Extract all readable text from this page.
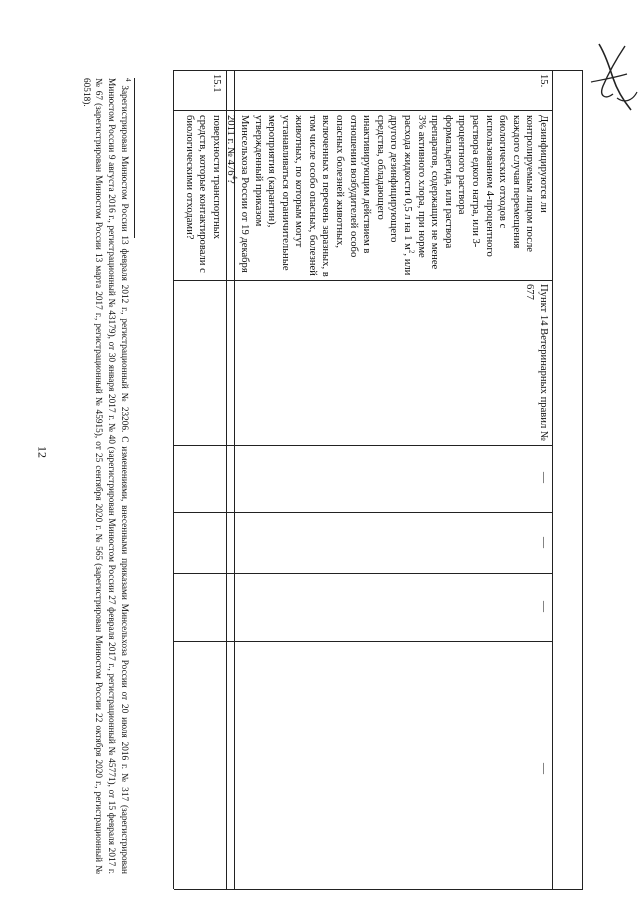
12
15.
Дезинфицируются ли контролируемым лицом после каждого случая перемещения биологических отходов с использованием 4-процентного раствора едкого натра, или 3-процентного раствора формальдегида, или раствора препаратов, содержащих не менее 3% активного хлора, при норме расхода жидкости 0,5 л на 1 $м^2$, или другого дезинфицирующего средства, обладающего инактивирующим действием в отношении возбудителей особо опасных болезней животных, включенных в перечень заразных, в том числе особо опасных, болезней животных, по которым могут устанавливаться ограничительные мероприятия (карантин), утвержденный приказом Минсельхоза России от 19 декабря 2011 г. № $476^4$?
Пункт 14 Ветеринарных правил № 677
—
—
—
—
15.1
поверхности транспортных средств, которые контактировали с биологическими отходами?
$^4$ Зарегистрирован Минюстом России 13 февраля 2012 г., регистрационный № 23206. С изменениями, внесенными приказами Минсельхоза России от 20 июля 2016 г. № 317 (зарегистрирован Минюстом России 9 августа 2016 г., регистрационный № 43179), от 30 января 2017 г. № 40 (зарегистрирован Минюстом России 27 февраля 2017 г., регистрационный № 45771), от 15 февраля 2017 г. № 67 (зарегистрирован Минюстом России 13 марта 2017 г., регистрационный № 45915), от 25 сентября 2020 г. № 565 (зарегистрирован Минюстом России 22 октября 2020 г., регистрационный № 60518).
